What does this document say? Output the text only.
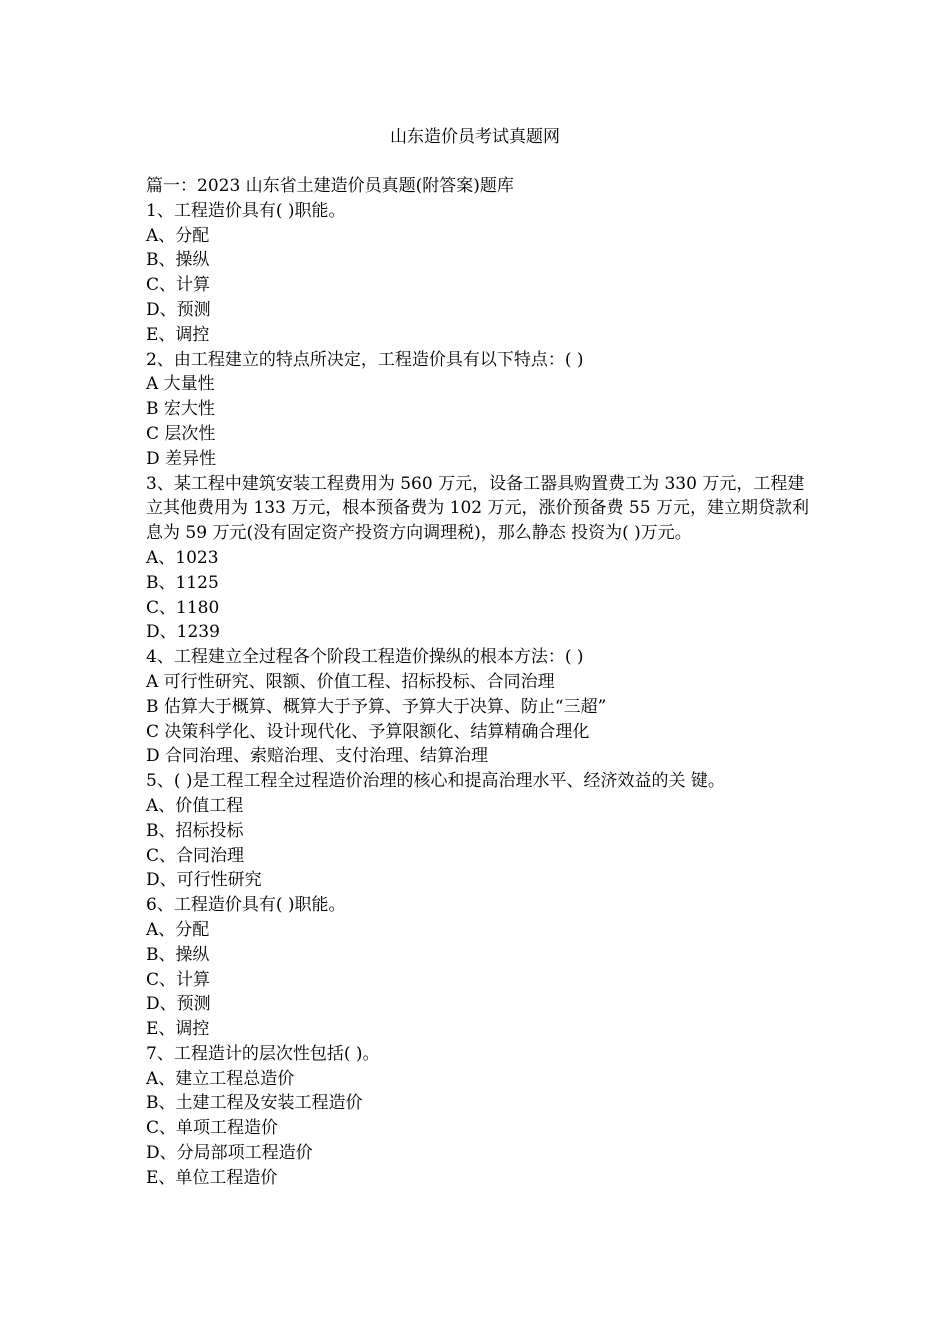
山东造价员考试真题网
篇一：2023 山东省土建造价员真题(附答案)题库
1、工程造价具有( )职能。
A、分配
B、操纵
C、计算
D、预测
E、调控
2、由工程建立的特点所决定，工程造价具有以下特点：( )
A 大量性
B 宏大性
C 层次性
D 差异性
3、某工程中建筑安装工程费用为 560 万元，设备工器具购置费工为 330 万元，工程建立其他费用为 133 万元，根本预备费为 102 万元，涨价预备费 55 万元，建立期贷款利息为 59 万元(没有固定资产投资方向调理税)，那么静态 投资为( )万元。
A、1023
B、1125
C、1180
D、1239
4、工程建立全过程各个阶段工程造价操纵的根本方法：( )
A 可行性研究、限额、价值工程、招标投标、合同治理
B 估算大于概算、概算大于予算、予算大于决算、防止“三超”
C 决策科学化、设计现代化、予算限额化、结算精确合理化
D 合同治理、索赔治理、支付治理、结算治理
5、( )是工程工程全过程造价治理的核心和提高治理水平、经济效益的关 键。
A、价值工程
B、招标投标
C、合同治理
D、可行性研究
6、工程造价具有( )职能。
A、分配
B、操纵
C、计算
D、预测
E、调控
7、工程造计的层次性包括( )。
A、建立工程总造价
B、土建工程及安装工程造价
C、单项工程造价
D、分局部项工程造价
E、单位工程造价
